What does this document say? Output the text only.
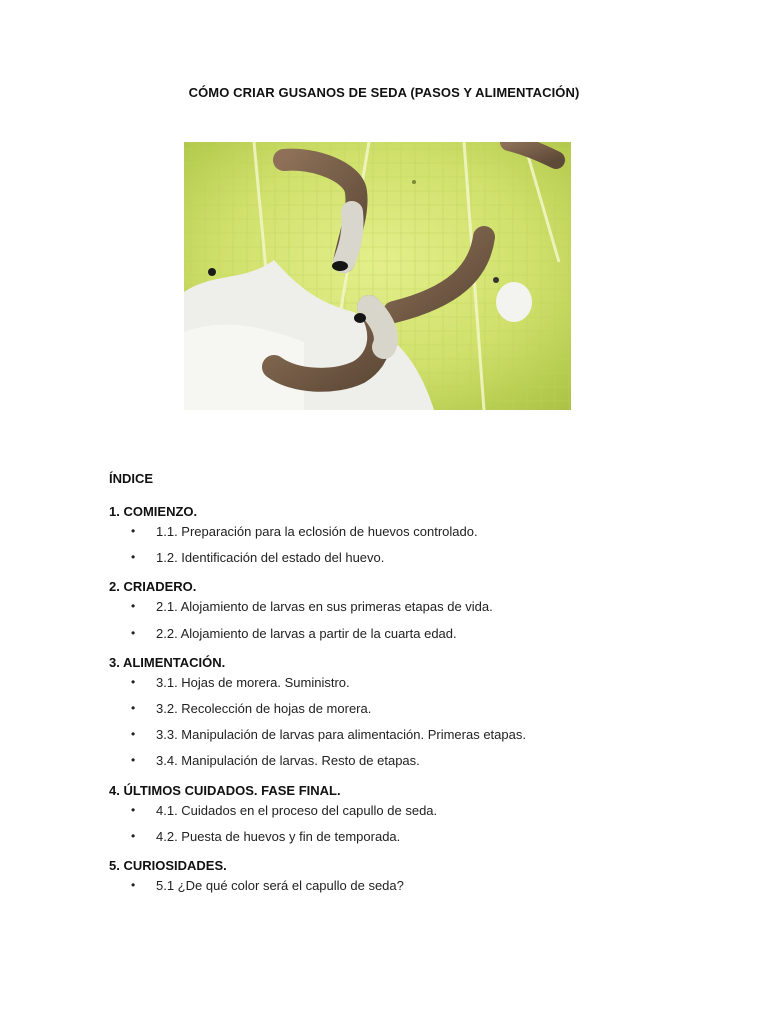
CÓMO CRIAR GUSANOS DE SEDA (PASOS Y ALIMENTACIÓN)
ÍNDICE
1. COMIENZO.
• 1.1. Preparación para la eclosión de huevos controlado.
• 1.2. Identificación del estado del huevo.
2. CRIADERO.
• 2.1. Alojamiento de larvas en sus primeras etapas de vida.
• 2.2. Alojamiento de larvas a partir de la cuarta edad.
3. ALIMENTACIÓN.
• 3.1. Hojas de morera. Suministro.
• 3.2. Recolección de hojas de morera.
• 3.3. Manipulación de larvas para alimentación. Primeras etapas.
• 3.4. Manipulación de larvas. Resto de etapas.
4. ÚLTIMOS CUIDADOS. FASE FINAL.
• 4.1. Cuidados en el proceso del capullo de seda.
• 4.2. Puesta de huevos y fin de temporada.
5. CURIOSIDADES.
• 5.1 ¿De qué color será el capullo de seda?
